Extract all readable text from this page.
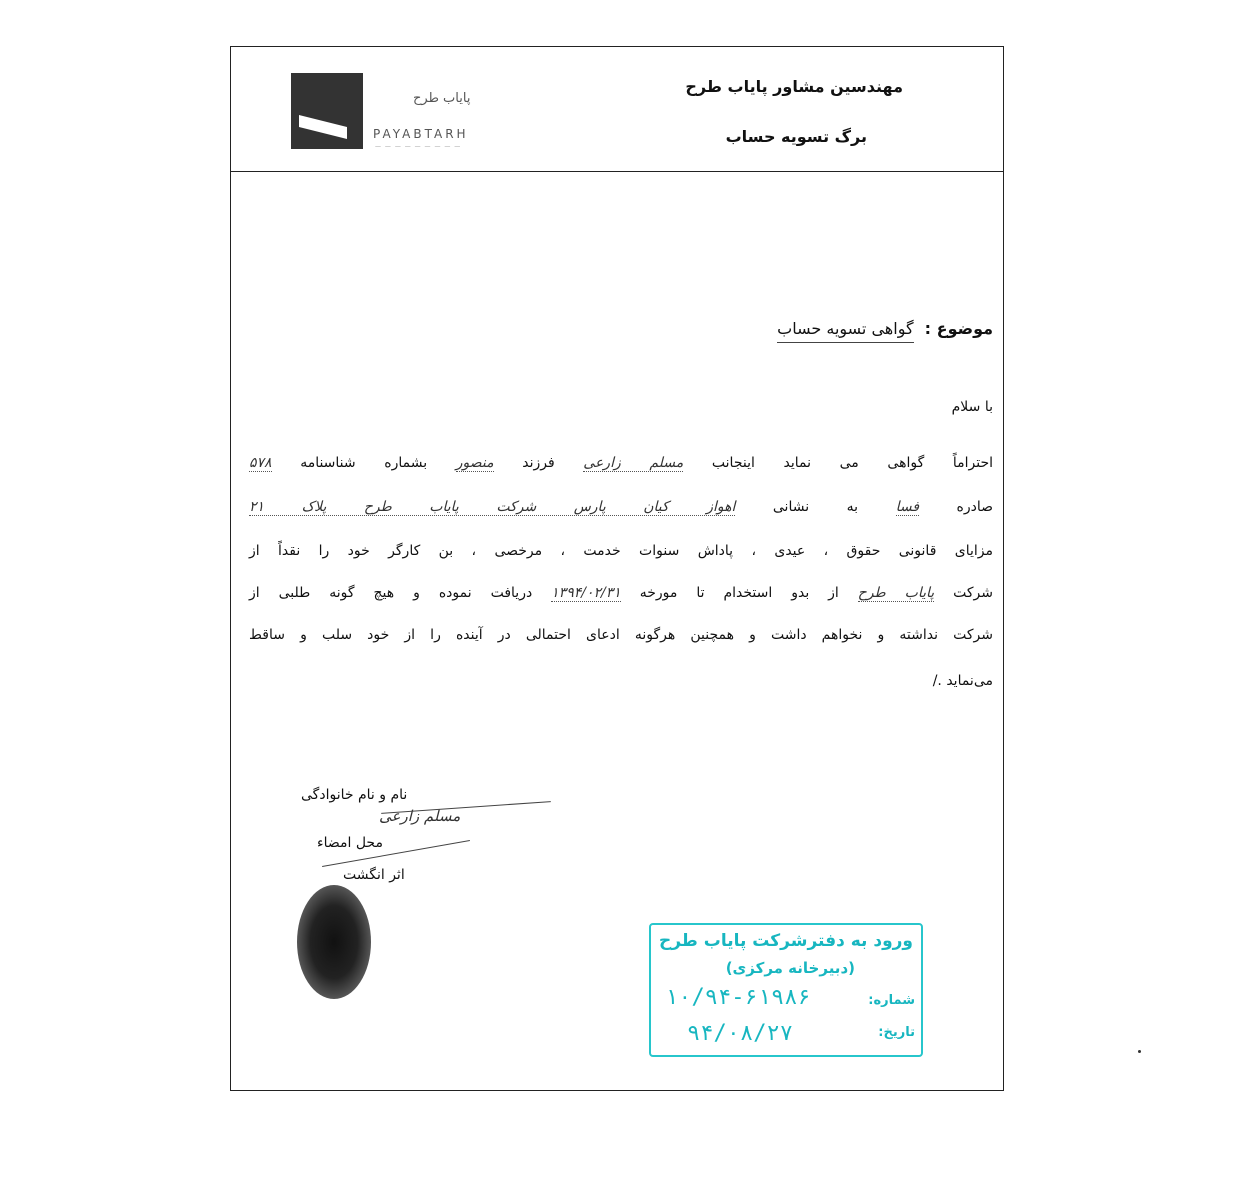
پایاب طرح
PAYABTARH
— — — — — — — — —
مهندسین مشاور پایاب طرح
برگ تسویه حساب
موضوع : گواهی تسویه حساب
با سلام
احتراماً گواهی می نماید اینجانب مسلم زارعی فرزند منصور بشماره شناسنامه ۵۷۸
صادره فسا به نشانی اهواز کیان پارس شرکت پایاب طرح پلاک ۲۱
مزایای قانونی حقوق ، عیدی ، پاداش سنوات خدمت ، مرخصی ، بن کارگر خود را نقداً از
شرکت پایاب طرح از بدو استخدام تا مورخه ۱۳۹۴/۰۲/۳۱ دریافت نموده و هیچ گونه طلبی از
شرکت نداشته و نخواهم داشت و همچنین هرگونه ادعای احتمالی در آینده را از خود سلب و ساقط
می‌نماید ./
نام و نام خانوادگی
مسلم زارعی
محل امضاء
اثر انگشت
ورود به دفترشرکت پایاب طرح
(دبیرخانه مرکزی)
شماره:
۱۰/۹۴-۶۱۹۸۶
تاریخ:
۹۴/۰۸/۲۷
